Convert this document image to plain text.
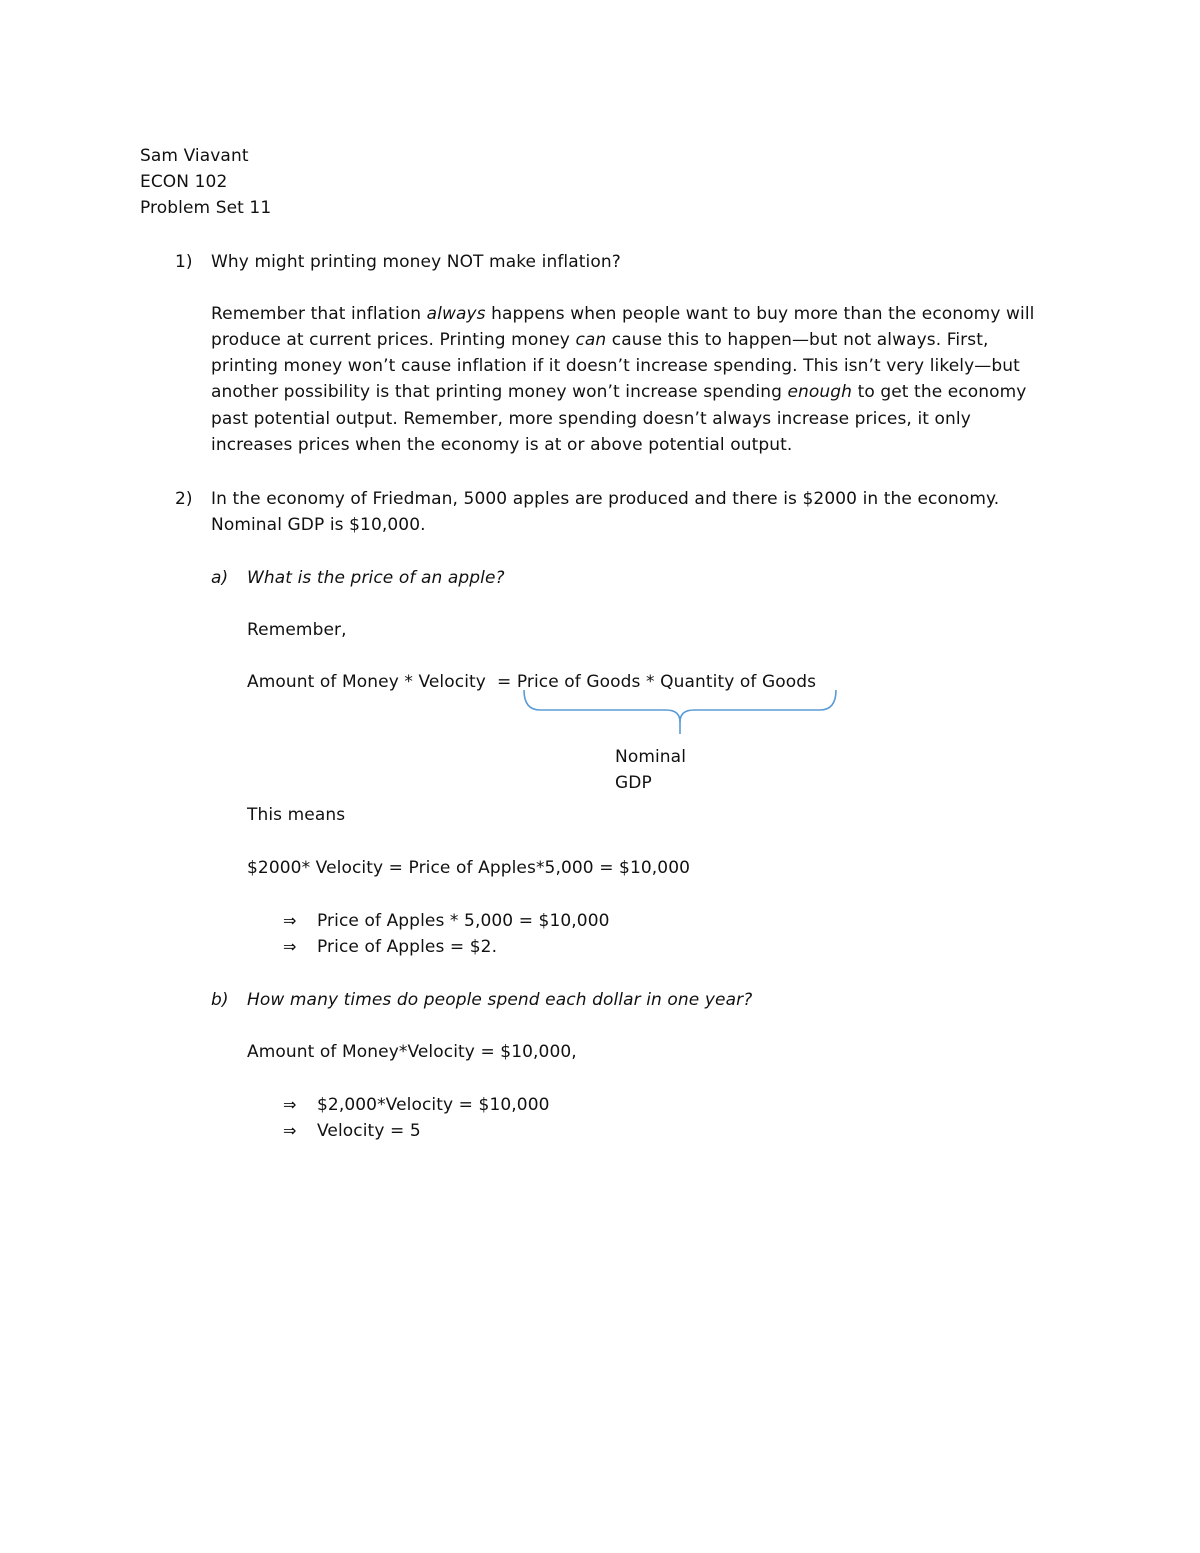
Sam Viavant
ECON 102
Problem Set 11
1) Why might printing money NOT make inflation?
Remember that inflation always happens when people want to buy more than the economy will
produce at current prices. Printing money can cause this to happen—but not always. First,
printing money won’t cause inflation if it doesn’t increase spending. This isn’t very likely—but
another possibility is that printing money won’t increase spending enough to get the economy
past potential output. Remember, more spending doesn’t always increase prices, it only
increases prices when the economy is at or above potential output.
2) In the economy of Friedman, 5000 apples are produced and there is $2000 in the economy.
Nominal GDP is $10,000.
a) What is the price of an apple?
Remember,
Amount of Money * Velocity  = Price of Goods * Quantity of Goods
Nominal
GDP
This means
$2000* Velocity = Price of Apples*5,000 = $10,000
⇒ Price of Apples * 5,000 = $10,000
⇒ Price of Apples = $2.
b) How many times do people spend each dollar in one year?
Amount of Money*Velocity = $10,000,
⇒ $2,000*Velocity = $10,000
⇒ Velocity = 5
